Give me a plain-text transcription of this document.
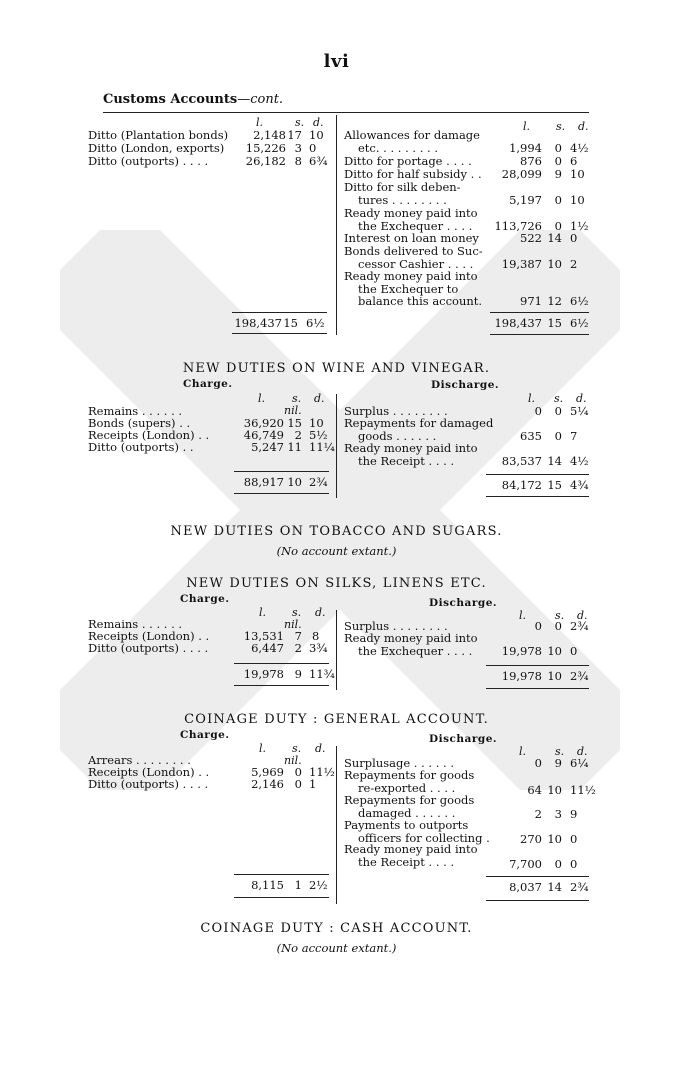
lvi
Customs Accounts—cont.
l.	s. d.	l. s. d.
Ditto (Plantation bonds)	2,148 17 10
Ditto (London, exports)	15,226 3 0
Ditto (outports) . . . .	26,182 8 6¾
198,437 15 6½
Allowances for damage
etc. . . . . . . . .	1,994	0 4½
Ditto for portage . . . .	876	0 6
Ditto for half subsidy . .	28,099	9 10
Ditto for silk deben-
tures . . . . . . . .	5,197	0 10
Ready money paid into
the Exchequer . . . .	113,726	0 1½
Interest on loan money	522 14 0
Bonds delivered to Suc-
cessor Cashier . . . .	19,387 10 2
Ready money paid into
the Exchequer to
balance this account.	971 12 6½
198,437 15 6½
NEW DUTIES ON WINE AND VINEGAR.
Charge.	Discharge.
l. s. d.	l. s. d.
Remains . . . . . .	nil.
Bonds (supers) . .	36,920 15 10
Receipts (London) . .	46,749 2 5½
Ditto (outports) . .	5,247 11 11¼
88,917 10 2¾
Surplus . . . . . . . .	0	0 5¼
Repayments for damaged
goods . . . . . .	635	0 7
Ready money paid into
the Receipt . . . .	83,537 14 4½
84,172 15 4¾
NEW DUTIES ON TOBACCO AND SUGARS.
(No account extant.)
NEW DUTIES ON SILKS, LINENS ETC.
Charge.	Discharge.
l. s. d.	l.	s. d.
Remains . . . . . .	nil.
Receipts (London) . .	13,531 7 8
Ditto (outports) . . . .	6,447 2 3¾
19,978 9 11¾
Surplus . . . . . . . .	0	0 2¾
Ready money paid into
the Exchequer . . . .	19,978 10 0
19,978 10 2¾
COINAGE DUTY : GENERAL ACCOUNT.
Charge.	Discharge.
l. s. d.	l.	s. d.
Arrears . . . . . . . .	nil.
Receipts (London) . .	5,969 0 11½
Ditto (outports) . . . .	2,146 0 1
8,115 1 2½
Surplusage . . . . . .	0	9 6¼
Repayments for goods
re-exported . . . .	64 10 11½
Repayments for goods
damaged . . . . . .	2	3 9
Payments to outports
officers for collecting .	270 10 0
Ready money paid into
the Receipt . . . .	7,700	0 0
8,037 14 2¾
COINAGE DUTY : CASH ACCOUNT.
(No account extant.)
